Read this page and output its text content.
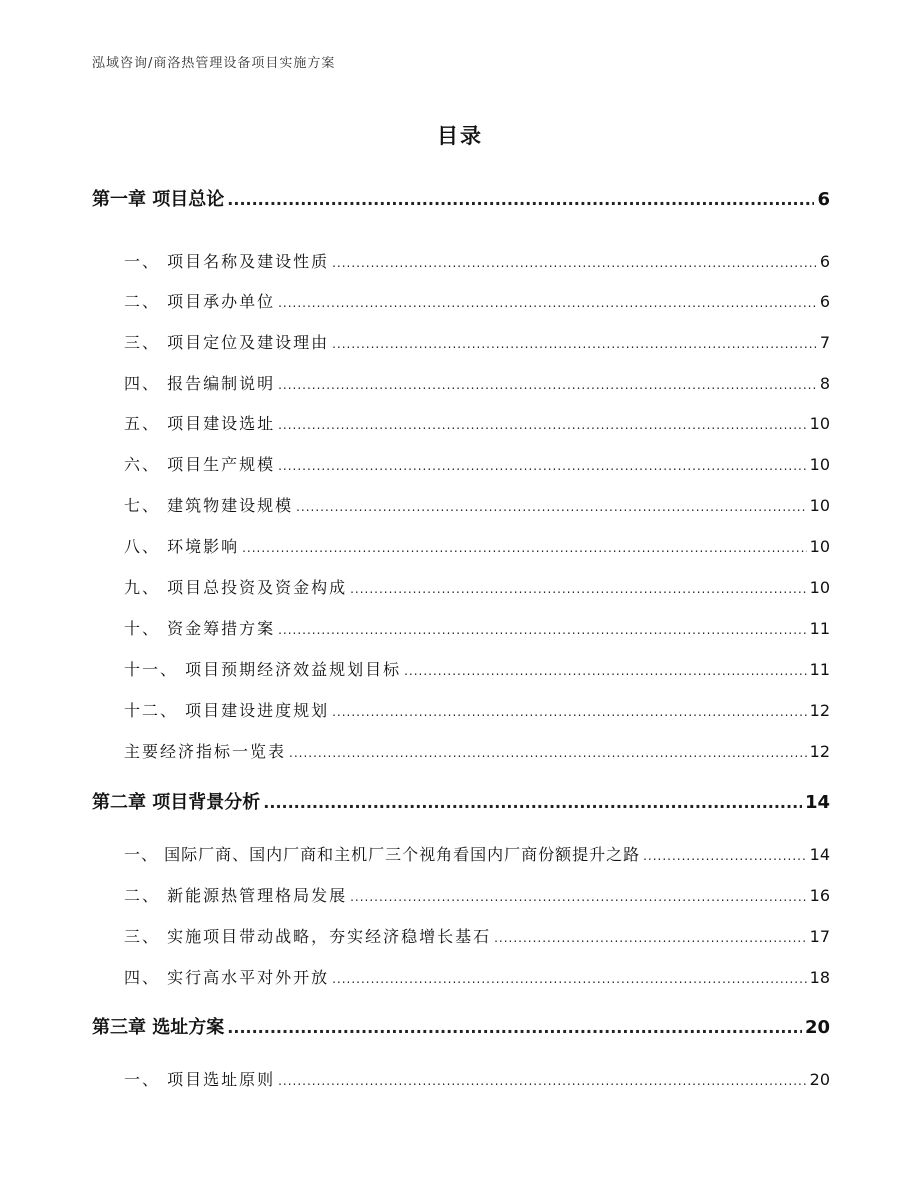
泓域咨询/商洛热管理设备项目实施方案
目录
第一章 项目总论 .....	6
一、 项目名称及建设性质 .....	6
二、 项目承办单位 .....	6
三、 项目定位及建设理由 .....	7
四、 报告编制说明 .....	8
五、 项目建设选址 .....	10
六、 项目生产规模 .....	10
七、 建筑物建设规模 .....	10
八、 环境影响 .....	10
九、 项目总投资及资金构成 .....	10
十、 资金筹措方案 .....	11
十一、 项目预期经济效益规划目标 .....	11
十二、 项目建设进度规划 .....	12
主要经济指标一览表 .....	12
第二章 项目背景分析 .....	14
一、 国际厂商、国内厂商和主机厂三个视角看国内厂商份额提升之路 .....	14
二、 新能源热管理格局发展 .....	16
三、 实施项目带动战略，夯实经济稳增长基石 .....	17
四、 实行高水平对外开放 .....	18
第三章 选址方案 .....	20
一、 项目选址原则 .....	20
